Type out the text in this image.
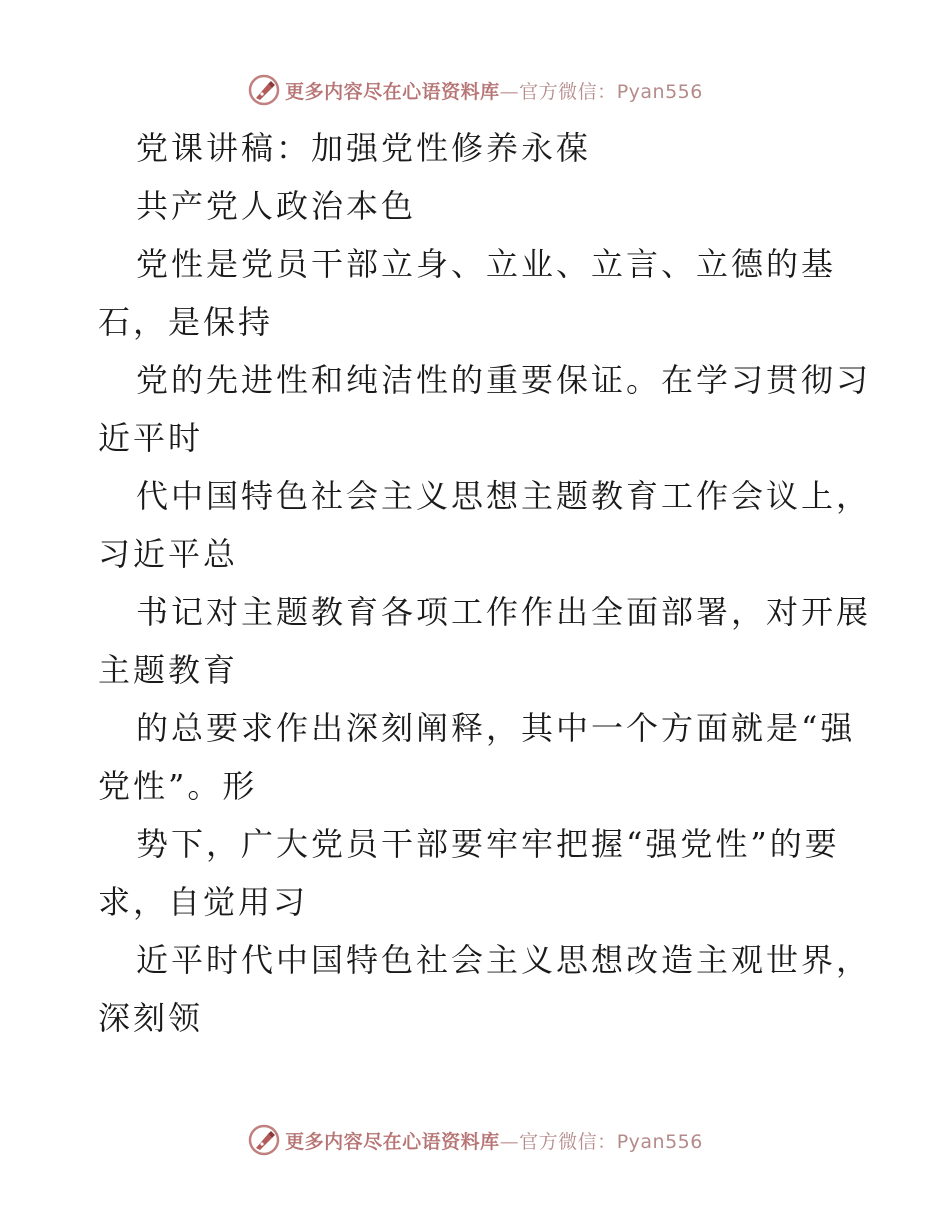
更多内容尽在心语资料库—官方微信：Pyan556
党课讲稿：加强党性修养永葆
共产党人政治本色
党性是党员干部立身、立业、立言、立德的基
石，是保持
党的先进性和纯洁性的重要保证。在学习贯彻习
近平时
代中国特色社会主义思想主题教育工作会议上，
习近平总
书记对主题教育各项工作作出全面部署，对开展
主题教育
的总要求作出深刻阐释，其中一个方面就是“强
党性”。形
势下，广大党员干部要牢牢把握“强党性”的要
求，自觉用习
近平时代中国特色社会主义思想改造主观世界，
深刻领
更多内容尽在心语资料库—官方微信：Pyan556
